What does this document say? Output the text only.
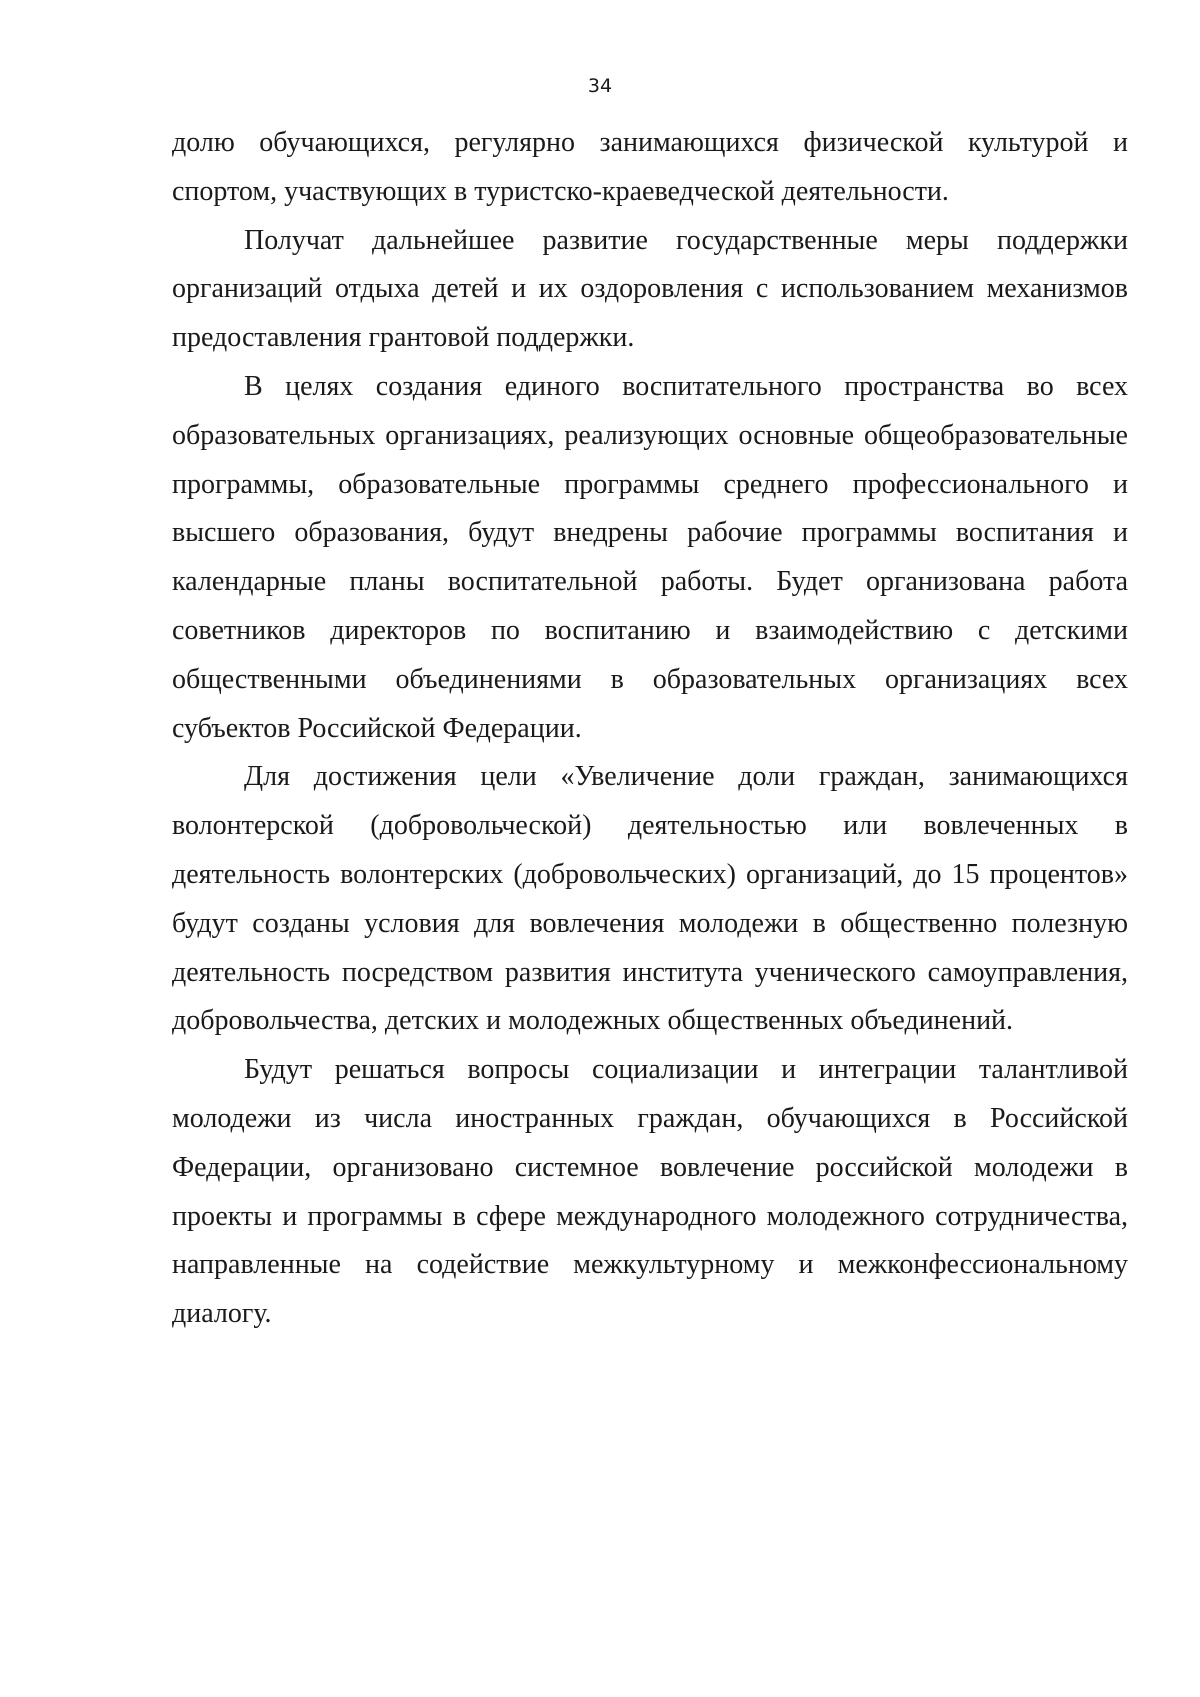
34

долю обучающихся, регулярно занимающихся физической культурой и спортом, участвующих в туристско-краеведческой деятельности.

Получат дальнейшее развитие государственные меры поддержки организаций отдыха детей и их оздоровления с использованием механизмов предоставления грантовой поддержки.

В целях создания единого воспитательного пространства во всех образовательных организациях, реализующих основные общеобразовательные программы, образовательные программы среднего профессионального и высшего образования, будут внедрены рабочие программы воспитания и календарные планы воспитательной работы. Будет организована работа советников директоров по воспитанию и взаимодействию с детскими общественными объединениями в образовательных организациях всех субъектов Российской Федерации.

Для достижения цели «Увеличение доли граждан, занимающихся волонтерской (добровольческой) деятельностью или вовлеченных в деятельность волонтерских (добровольческих) организаций, до 15 процентов» будут созданы условия для вовлечения молодежи в общественно полезную деятельность посредством развития института ученического самоуправления, добровольчества, детских и молодежных общественных объединений.

Будут решаться вопросы социализации и интеграции талантливой молодежи из числа иностранных граждан, обучающихся в Российской Федерации, организовано системное вовлечение российской молодежи в проекты и программы в сфере международного молодежного сотрудничества, направленные на содействие межкультурному и межконфессиональному диалогу.
